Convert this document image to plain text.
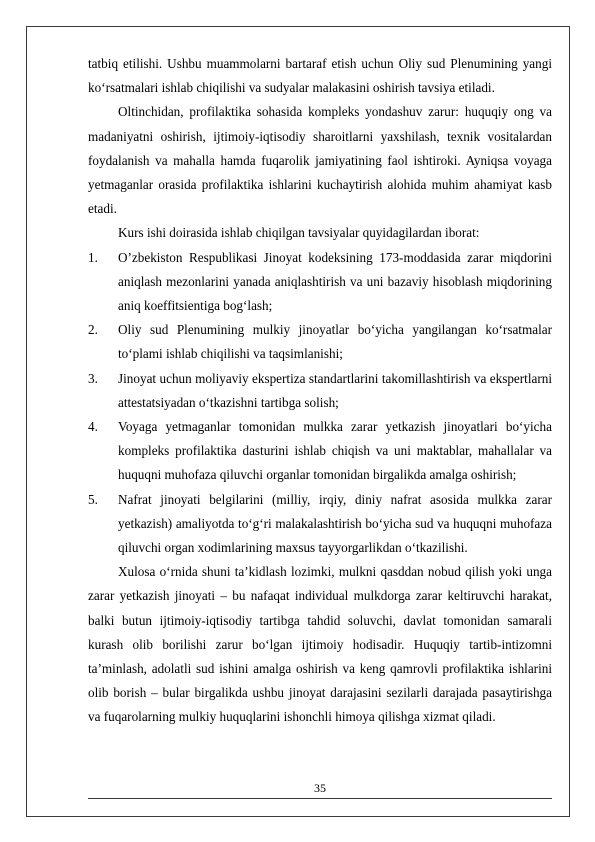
tatbiq etilishi. Ushbu muammolarni bartaraf etish uchun Oliy sud Plenumining yangi ko‘rsatmalari ishlab chiqilishi va sudyalar malakasini oshirish tavsiya etiladi.

Oltinchidan, profilaktika sohasida kompleks yondashuv zarur: huquqiy ong va madaniyatni oshirish, ijtimoiy-iqtisodiy sharoitlarni yaxshilash, texnik vositalardan foydalanish va mahalla hamda fuqarolik jamiyatining faol ishtiroki. Ayniqsa voyaga yetmaganlar orasida profilaktika ishlarini kuchaytirish alohida muhim ahamiyat kasb etadi.

Kurs ishi doirasida ishlab chiqilgan tavsiyalar quyidagilardan iborat:

1.	O’zbekiston Respublikasi Jinoyat kodeksining 173-moddasida zarar miqdorini aniqlash mezonlarini yanada aniqlashtirish va uni bazaviy hisoblash miqdorining aniq koeffitsientiga bog‘lash;
2.	Oliy sud Plenumining mulkiy jinoyatlar bo‘yicha yangilangan ko‘rsatmalar to‘plami ishlab chiqilishi va taqsimlanishi;
3.	Jinoyat uchun moliyaviy ekspertiza standartlarini takomillashtirish va ekspertlarni attestatsiyadan o‘tkazishni tartibga solish;
4.	Voyaga yetmaganlar tomonidan mulkka zarar yetkazish jinoyatlari bo‘yicha kompleks profilaktika dasturini ishlab chiqish va uni maktablar, mahallalar va huquqni muhofaza qiluvchi organlar tomonidan birgalikda amalga oshirish;
5.	Nafrat jinoyati belgilarini (milliy, irqiy, diniy nafrat asosida mulkka zarar yetkazish) amaliyotda to‘g‘ri malakalashtirish bo‘yicha sud va huquqni muhofaza qiluvchi organ xodimlarining maxsus tayyorgarlikdan o‘tkazilishi.

Xulosa o‘rnida shuni ta’kidlash lozimki, mulkni qasddan nobud qilish yoki unga zarar yetkazish jinoyati – bu nafaqat individual mulkdorga zarar keltiruvchi harakat, balki butun ijtimoiy-iqtisodiy tartibga tahdid soluvchi, davlat tomonidan samarali kurash olib borilishi zarur bo‘lgan ijtimoiy hodisadir. Huquqiy tartib-intizomni ta’minlash, adolatli sud ishini amalga oshirish va keng qamrovli profilaktika ishlarini olib borish – bular birgalikda ushbu jinoyat darajasini sezilarli darajada pasaytirishga va fuqarolarning mulkiy huquqlarini ishonchli himoya qilishga xizmat qiladi.

35
